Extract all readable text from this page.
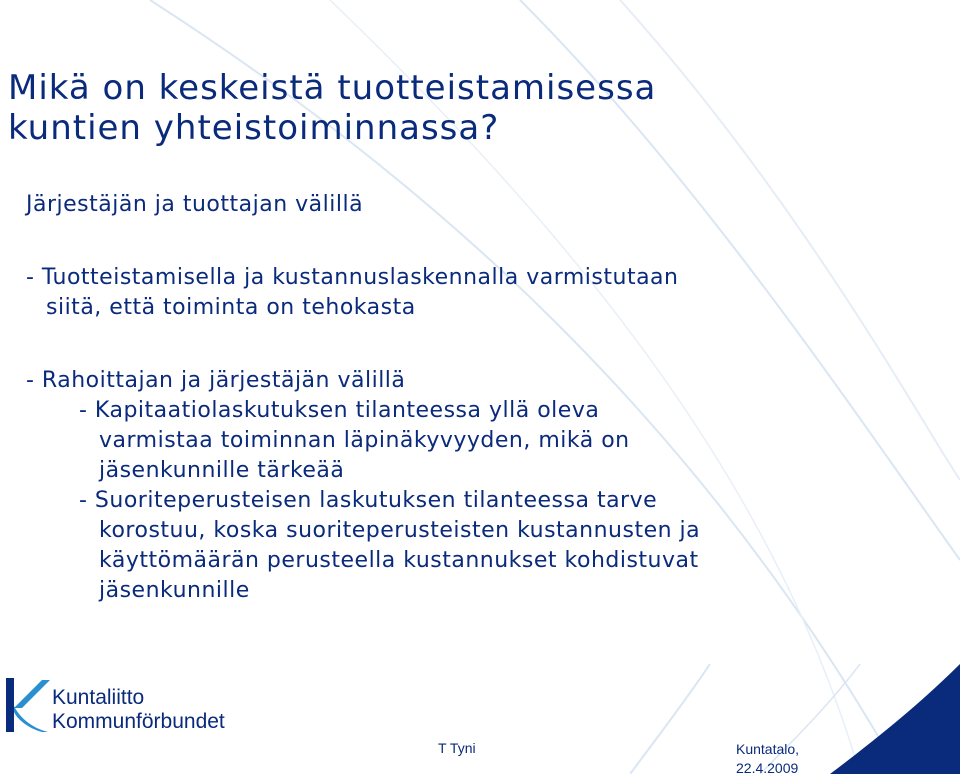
Mikä on keskeistä tuotteistamisessa
kuntien yhteistoiminnassa?
Järjestäjän ja tuottajan välillä
- Tuotteistamisella ja kustannuslaskennalla varmistutaan
siitä, että toiminta on tehokasta
- Rahoittajan ja järjestäjän välillä
- Kapitaatiolaskutuksen tilanteessa yllä oleva
varmistaa toiminnan läpinäkyvyyden, mikä on
jäsenkunnille tärkeää
- Suoriteperusteisen laskutuksen tilanteessa tarve
korostuu, koska suoriteperusteisten kustannusten ja
käyttömäärän perusteella kustannukset kohdistuvat
jäsenkunnille
Kuntaliitto
Kommunförbundet
T Tyni	Kuntatalo,
22.4.2009
